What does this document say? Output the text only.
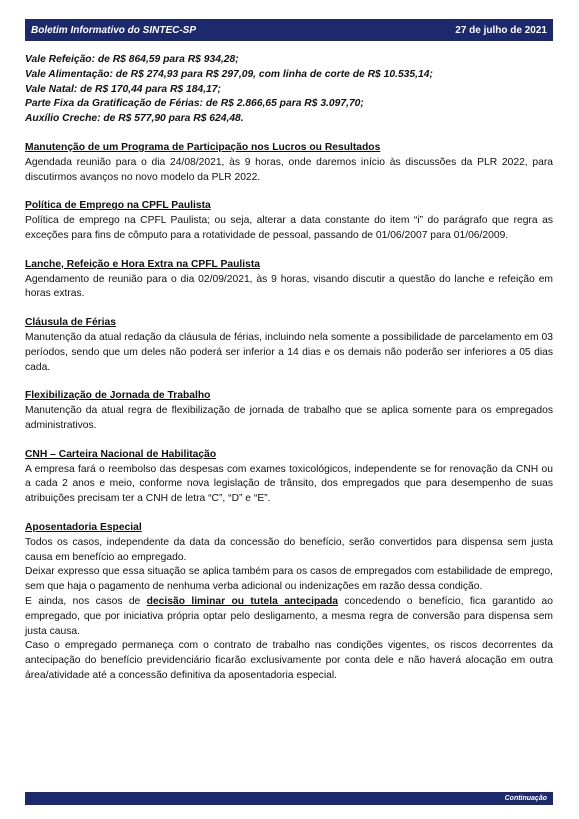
Boletim Informativo do SINTEC-SP	27 de julho de 2021
Vale Refeição: de R$ 864,59 para R$ 934,28;
Vale Alimentação: de R$ 274,93 para R$ 297,09, com linha de corte de R$ 10.535,14;
Vale Natal: de R$ 170,44 para R$ 184,17;
Parte Fixa da Gratificação de Férias: de R$ 2.866,65 para R$ 3.097,70;
Auxílio Creche: de R$ 577,90 para R$ 624,48.
Manutenção de um Programa de Participação nos Lucros ou Resultados
Agendada reunião para o dia 24/08/2021, às 9 horas, onde daremos início às discussões da PLR 2022, para discutirmos avanços no novo modelo da PLR 2022.
Política de Emprego na CPFL Paulista
Política de emprego na CPFL Paulista; ou seja, alterar a data constante do item “i” do parágrafo que regra as exceções para fins de cômputo para a rotatividade de pessoal, passando de 01/06/2007 para 01/06/2009.
Lanche, Refeição e Hora Extra na CPFL Paulista
Agendamento de reunião para o dia 02/09/2021, às 9 horas, visando discutir a questão do lanche e refeição em horas extras.
Cláusula de Férias
Manutenção da atual redação da cláusula de férias, incluindo nela somente a possibilidade de parcelamento em 03 períodos, sendo que um deles não poderá ser inferior a 14 dias e os demais não poderão ser inferiores a 05 dias cada.
Flexibilização de Jornada de Trabalho
Manutenção da atual regra de flexibilização de jornada de trabalho que se aplica somente para os empregados administrativos.
CNH – Carteira Nacional de Habilitação
A empresa fará o reembolso das despesas com exames toxicológicos, independente se for renovação da CNH ou a cada 2 anos e meio, conforme nova legislação de trânsito, dos empregados que para desempenho de suas atribuições precisam ter a CNH de letra “C”, “D” e “E”.
Aposentadoria Especial
Todos os casos, independente da data da concessão do benefício, serão convertidos para dispensa sem justa causa em benefício ao empregado.
Deixar expresso que essa situação se aplica também para os casos de empregados com estabilidade de emprego, sem que haja o pagamento de nenhuma verba adicional ou indenizações em razão dessa condição.
E ainda, nos casos de decisão liminar ou tutela antecipada concedendo o benefício, fica garantido ao empregado, que por iniciativa própria optar pelo desligamento, a mesma regra de conversão para dispensa sem justa causa.
Caso o empregado permaneça com o contrato de trabalho nas condições vigentes, os riscos decorrentes da antecipação do benefício previdenciário ficarão exclusivamente por conta dele e não haverá alocação em outra área/atividade até a concessão definitiva da aposentadoria especial.
Continuação
